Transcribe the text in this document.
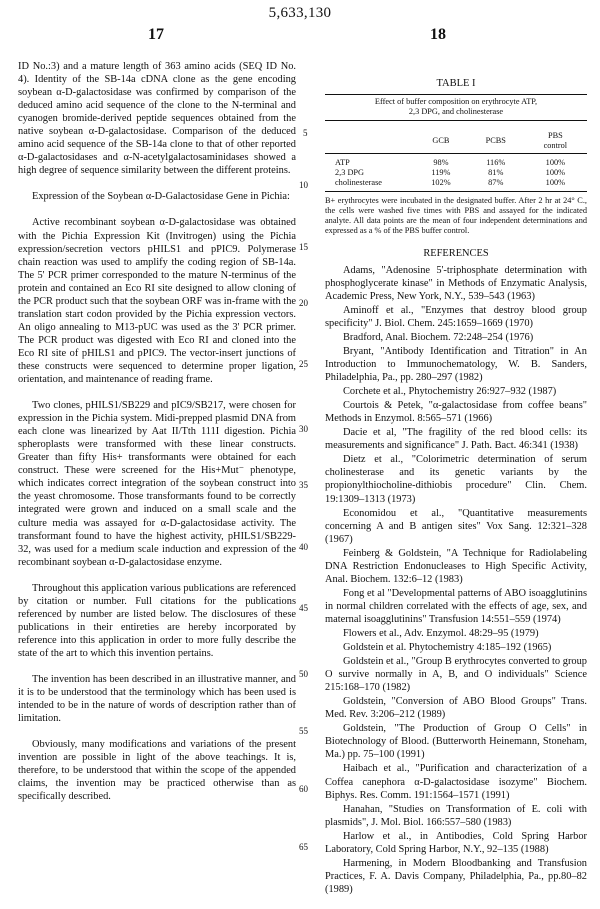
5,633,130
17	18

ID No.:3) and a mature length of 363 amino acids (SEQ ID No. 4). Identity of the SB-14a cDNA clone as the gene encoding soybean α-D-galactosidase was confirmed by comparison of the deduced amino acid sequence of the clone to the N-terminal and cyanogen bromide-derived peptide sequences obtained from the native soybean α-D-galactosidase. Comparison of the deduced amino acid sequence of the SB-14a clone to that of other reported α-D-galactosidases and α-N-acetylgalactosaminidases showed a high degree of sequence similarity between the different proteins.

Expression of the Soybean α-D-Galactosidase Gene in Pichia:

Active recombinant soybean α-D-galactosidase was obtained with the Pichia Expression Kit (Invitrogen) using the Pichia expression/secretion vectors pHILS1 and pPIC9. Polymerase chain reaction was used to amplify the coding region of SB-14a. The 5' PCR primer corresponded to the mature N-terminus of the protein and contained an Eco RI site designed to allow cloning of the PCR product such that the soybean ORF was in-frame with the translation start codon provided by the Pichia expression vectors. An oligo annealing to M13-pUC was used as the 3' PCR primer. The PCR product was digested with Eco RI and cloned into the Eco RI site of pHILS1 and pPIC9. The vector-insert junctions of these constructs were sequenced to determine proper ligation, orientation, and maintenance of reading frame.

Two clones, pHILS1/SB229 and pIC9/SB217, were chosen for expression in the Pichia system. Midi-prepped plasmid DNA from each clone was linearized by Aat II/Tth 111I digestion. Pichia spheroplasts were transformed with these linear constructs. Greater than fifty His+ transformants were obtained for each construct. These were screened for the His+Mut⁻ phenotype, which indicates correct integration of the soybean construct into the yeast chromosome. Those transformants found to be correctly integrated were grown and induced on a small scale and the culture media was assayed for α-D-galactosidase activity. The transformant found to have the highest activity, pHILS1/SB229-32, was used for a medium scale induction and expression of the recombinant soybean α-D-galactosidase enzyme.

Throughout this application various publications are referenced by citation or number. Full citations for the publications referenced by number are listed below. The disclosures of these publications in their entireties are hereby incorporated by reference into this application in order to more fully describe the state of the art to which this invention pertains.

The invention has been described in an illustrative manner, and it is to be understood that the terminology which has been used is intended to be in the nature of words of description rather than of limitation.

Obviously, many modifications and variations of the present invention are possible in light of the above teachings. It is, therefore, to be understood that within the scope of the appended claims, the invention may be practiced otherwise than as specifically described.

5
10
15
20
25
30
35
40
45
50
55
60
65
TABLE I
Effect of buffer composition on erythrocyte ATP,
2,3 DPG, and cholinesterase
	GCB	PCBS	PBS
control

ATP	98%	116%	100%
2,3 DPG	119%	81%	100%
cholinesterase	102%	87%	100%

B+ erythrocytes were incubated in the designated buffer. After 2 hr at 24° C., the cells were washed five times with PBS and assayed for the indicated analyte. All data points are the mean of four independent determinations and expressed as a % of the PBS buffer control.

REFERENCES

Adams, "Adenosine 5'-triphosphate determination with phosphoglycerate kinase" in Methods of Enzymatic Analysis, Academic Press, New York, N.Y., 539–543 (1963)

Aminoff et al., "Enzymes that destroy blood group specificity" J. Biol. Chem. 245:1659–1669 (1970)

Bradford, Anal. Biochem. 72:248–254 (1976)

Bryant, "Antibody Identification and Titration" in An Introduction to Immunochematology, W. B. Sanders, Philadelphia, Pa., pp. 280–297 (1982)

Corchete et al., Phytochemistry 26:927–932 (1987)

Courtois & Petek, "α-galactosidase from coffee beans" Methods in Enzymol. 8:565–571 (1966)

Dacie et al, "The fragility of the red blood cells: its measurements and significance" J. Path. Bact. 46:341 (1938)

Dietz et al., "Colorimetric determination of serum cholinesterase and its genetic variants by the propionylthiocholine-dithiobis procedure" Clin. Chem. 19:1309–1313 (1973)

Economidou et al., "Quantitative measurements concerning A and B antigen sites" Vox Sang. 12:321–328 (1967)

Feinberg & Goldstein, "A Technique for Radiolabeling DNA Restriction Endonucleases to High Specific Activity, Anal. Biochem. 132:6–12 (1983)

Fong et al "Developmental patterns of ABO isoagglutinins in normal children correlated with the effects of age, sex, and maternal isoagglutinins" Transfusion 14:551–559 (1974)

Flowers et al., Adv. Enzymol. 48:29–95 (1979)

Goldstein et al. Phytochemistry 4:185–192 (1965)

Goldstein et al., "Group B erythrocytes converted to group O survive normally in A, B, and O individuals" Science 215:168–170 (1982)

Goldstein, "Conversion of ABO Blood Groups" Trans. Med. Rev. 3:206–212 (1989)

Goldstein, "The Production of Group O Cells" in Biotechnology of Blood. (Butterworth Heinemann, Stoneham, Ma.) pp. 75–100 (1991)

Haibach et al., "Purification and characterization of a Coffea canephora α-D-galactosidase isozyme" Biochem. Biphys. Res. Comm. 191:1564–1571 (1991)

Hanahan, "Studies on Transformation of E. coli with plasmids", J. Mol. Biol. 166:557–580 (1983)

Harlow et al., in Antibodies, Cold Spring Harbor Laboratory, Cold Spring Harbor, N.Y., 92–135 (1988)

Harmening, in Modern Bloodbanking and Transfusion Practices, F. A. Davis Company, Philadelphia, Pa., pp.80–82 (1989)
